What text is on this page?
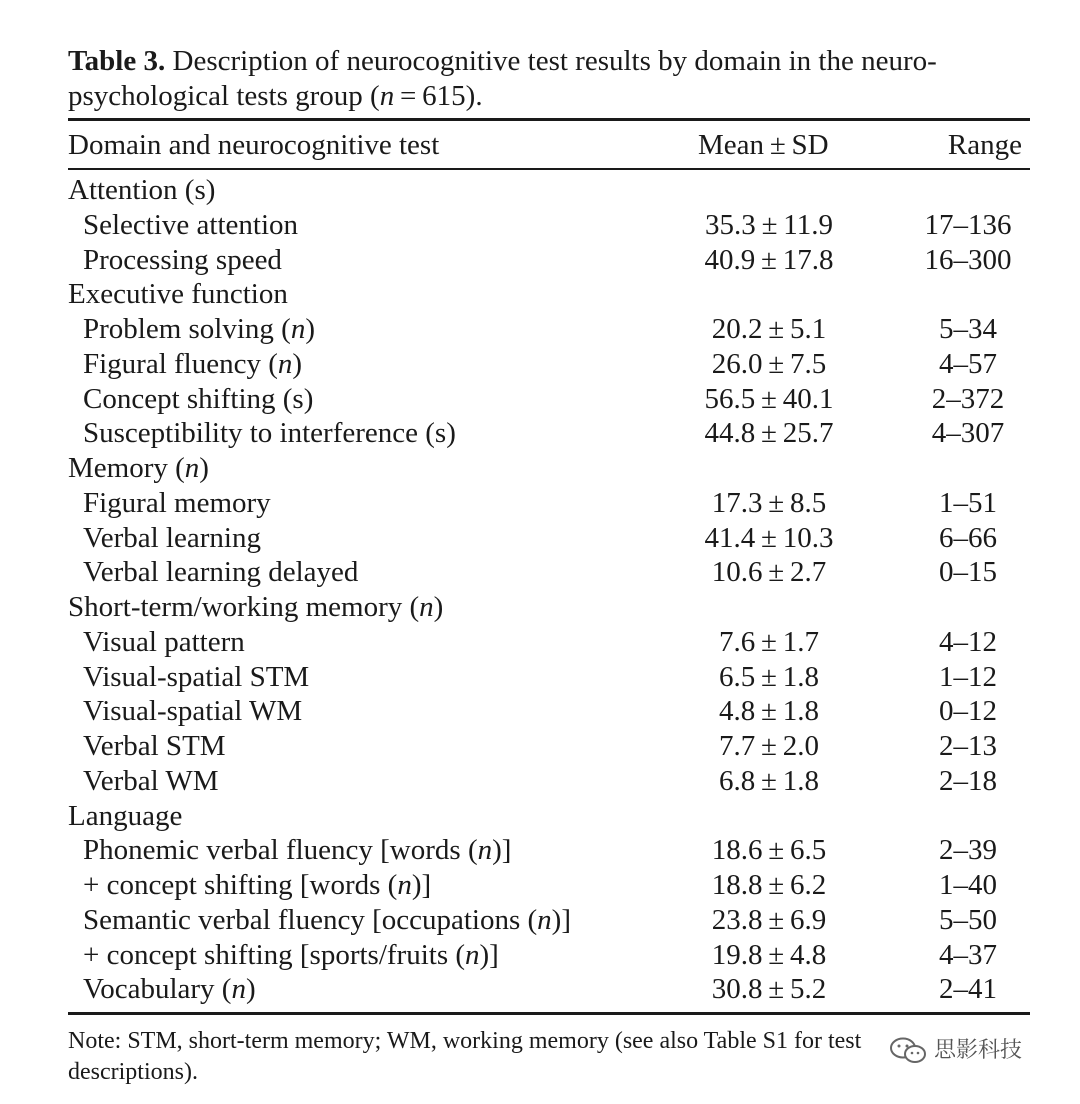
Table 3. Description of neurocognitive test results by domain in the neuro-
psychological tests group (n = 615).
Domain and neurocognitive test	Mean ± SD	Range
Attention (s)
Selective attention	35.3 ± 11.9	17–136
Processing speed	40.9 ± 17.8	16–300
Executive function
Problem solving (n)	20.2 ± 5.1	5–34
Figural fluency (n)	26.0 ± 7.5	4–57
Concept shifting (s)	56.5 ± 40.1	2–372
Susceptibility to interference (s)	44.8 ± 25.7	4–307
Memory (n)
Figural memory	17.3 ± 8.5	1–51
Verbal learning	41.4 ± 10.3	6–66
Verbal learning delayed	10.6 ± 2.7	0–15
Short-term/working memory (n)
Visual pattern	7.6 ± 1.7	4–12
Visual-spatial STM	6.5 ± 1.8	1–12
Visual-spatial WM	4.8 ± 1.8	0–12
Verbal STM	7.7 ± 2.0	2–13
Verbal WM	6.8 ± 1.8	2–18
Language
Phonemic verbal fluency [words (n)]	18.6 ± 6.5	2–39
+ concept shifting [words (n)]	18.8 ± 6.2	1–40
Semantic verbal fluency [occupations (n)]	23.8 ± 6.9	5–50
+ concept shifting [sports/fruits (n)]	19.8 ± 4.8	4–37
Vocabulary (n)	30.8 ± 5.2	2–41
Note: STM, short-term memory; WM, working memory (see also Table S1 for test
descriptions).
思影科技
